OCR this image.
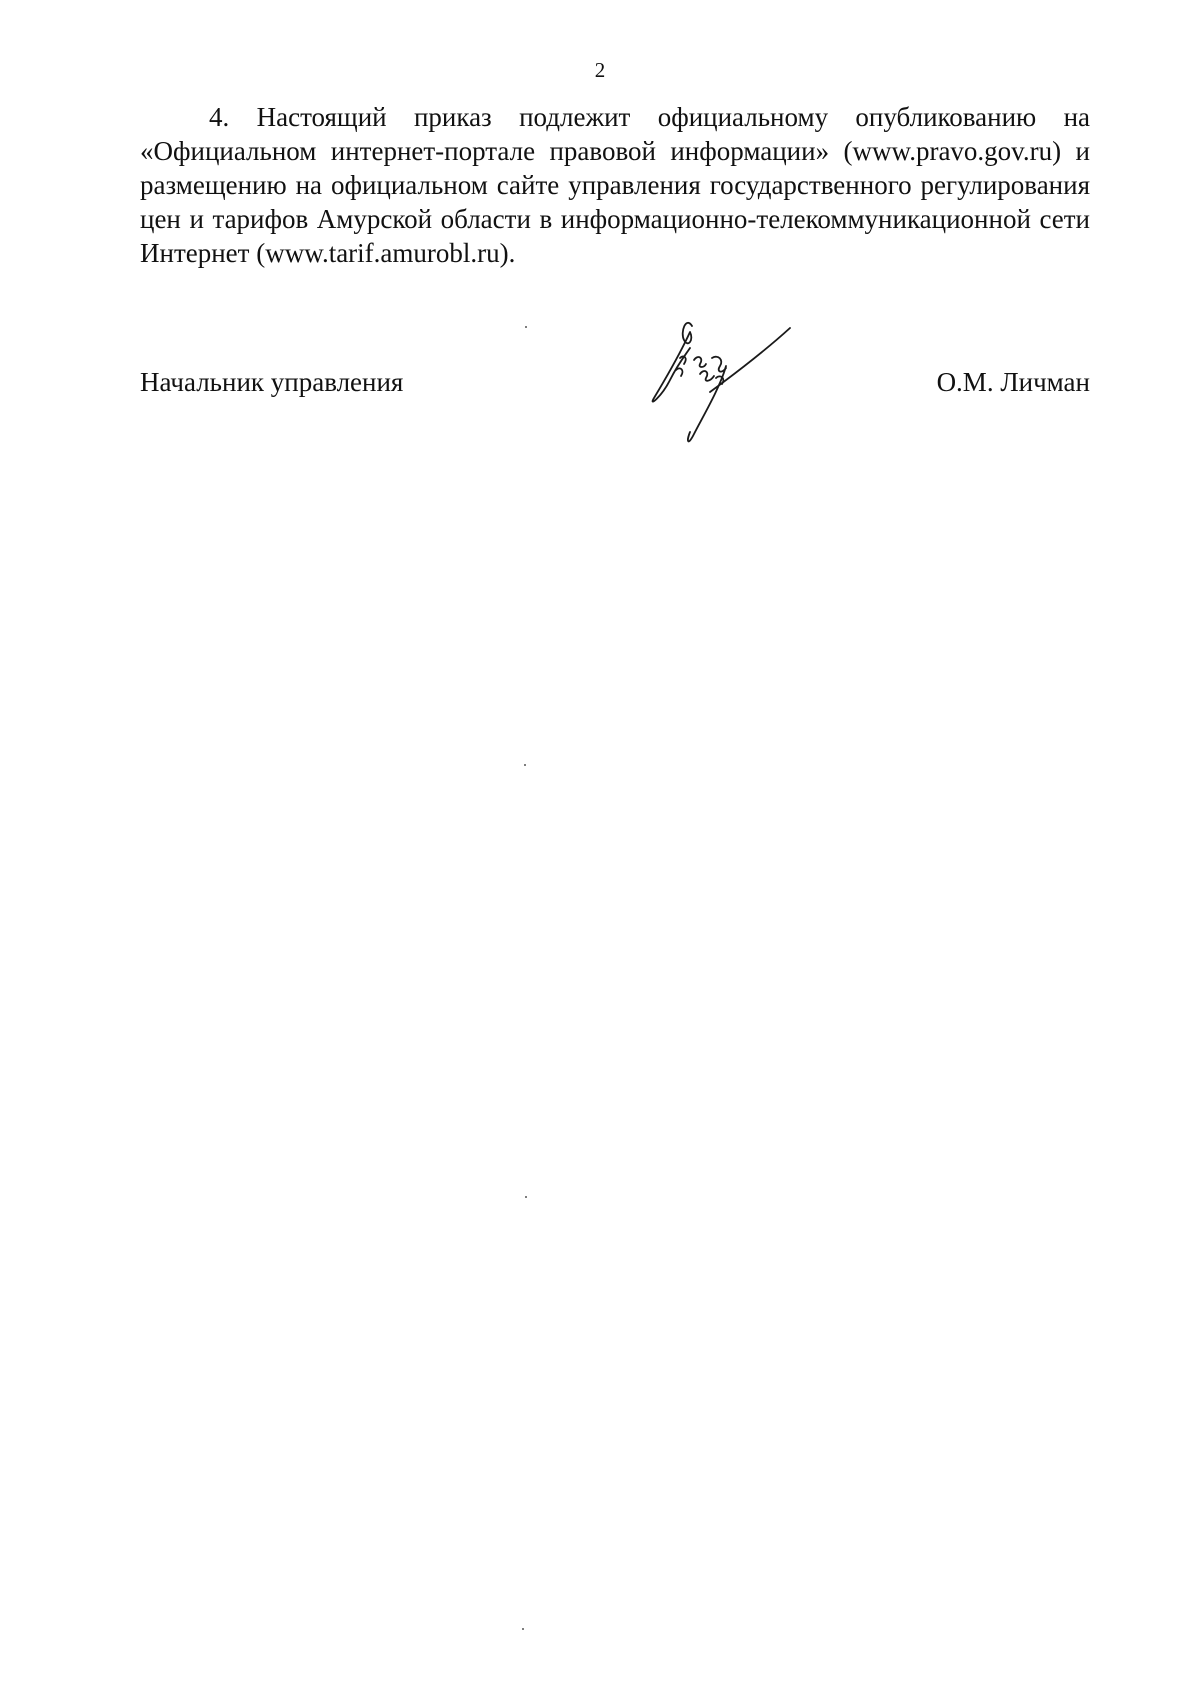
2

4. Настоящий приказ подлежит официальному опубликованию на «Официальном интернет-портале правовой информации» (www.pravo.gov.ru) и размещению на официальном сайте управления государственного регулирования цен и тарифов Амурской области в информационно-телекоммуникационной сети Интернет (www.tarif.amurobl.ru).

Начальник управления	О.М. Личман
